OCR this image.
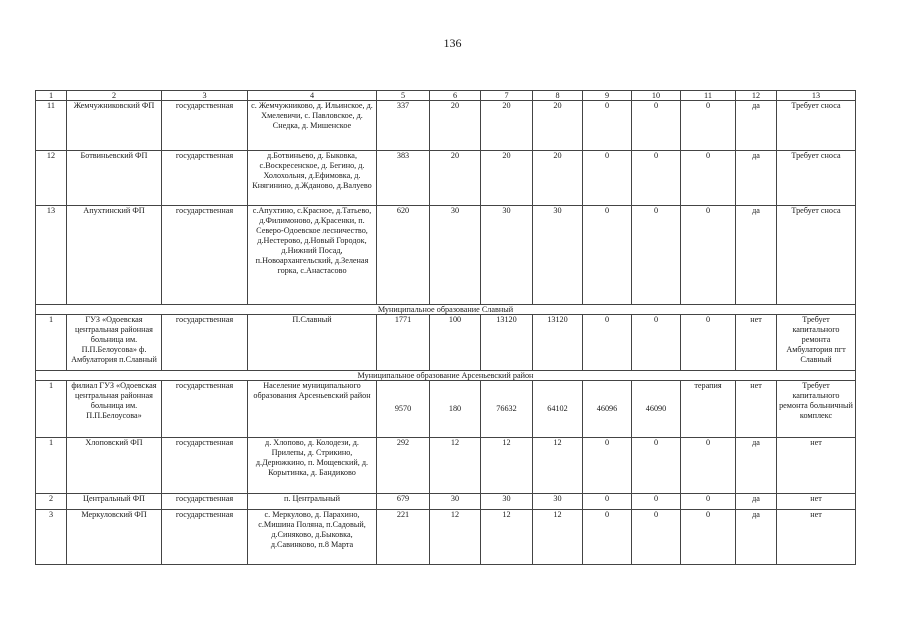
136
1	2	3	4	5	6	7	8	9	10	11	12	13
11	Жемчужниковский ФП	государственная	с. Жемчужниково, д. Ильинское, д. Хмелевичи, с. Павловское, д. Снедка, д. Мишенское	337	20	20	20	0	0	0	да	Требует сноса
12	Ботвиньевский ФП	государственная	д.Ботвиньево, д. Быковка, с.Воскресенское, д. Бегино, д. Холохольня, д.Ефимовка, д. Княгинино, д.Жданово, д.Валуево	383	20	20	20	0	0	0	да	Требует сноса
13	Апухтинский ФП	государственная	с.Апухтино, с.Красное, д.Татьево, д.Филимоново, д.Красенки, п. Северо-Одоевское лесничество, д.Нестерово, д.Новый Городок, д.Нижний Посад, п.Новоархангельский, д.Зеленая горка, с.Анастасово	620	30	30	30	0	0	0	да	Требует сноса
Муниципальное образование Славный												
1	ГУЗ «Одоевская центральная районная больница им. П.П.Белоусова» ф. Амбулатория п.Славный	государственная	П.Славный	1771	100	13120	13120	0	0	0	нет	Требует капитального ремонта Амбулатория пгт Славный
Муниципальное образование Арсеньевский район												
1	филиал ГУЗ «Одоевская центральная районная больница им. П.П.Белоусова»	государственная	Население муниципального образования Арсеньевский район	9570	180	76632	64102	46096	46090	терапия	нет	Требует капитального ремонта больничный комплекс
1	Хлоповский ФП	государственная	д. Хлопово, д. Колодези, д. Прилепы, д. Стрикино, д.Дерюжкино, п. Мощевский, д. Корытинка, д. Бандиково	292	12	12	12	0	0	0	да	нет
2	Центральный ФП	государственная	п. Центральный	679	30	30	30	0	0	0	да	нет
3	Меркуловский ФП	государственная	с. Меркулово, д. Парахино, с.Мишина Поляна, п.Садовый, д.Синяково, д.Быковка, д.Савинково, п.8 Марта	221	12	12	12	0	0	0	да	нет
